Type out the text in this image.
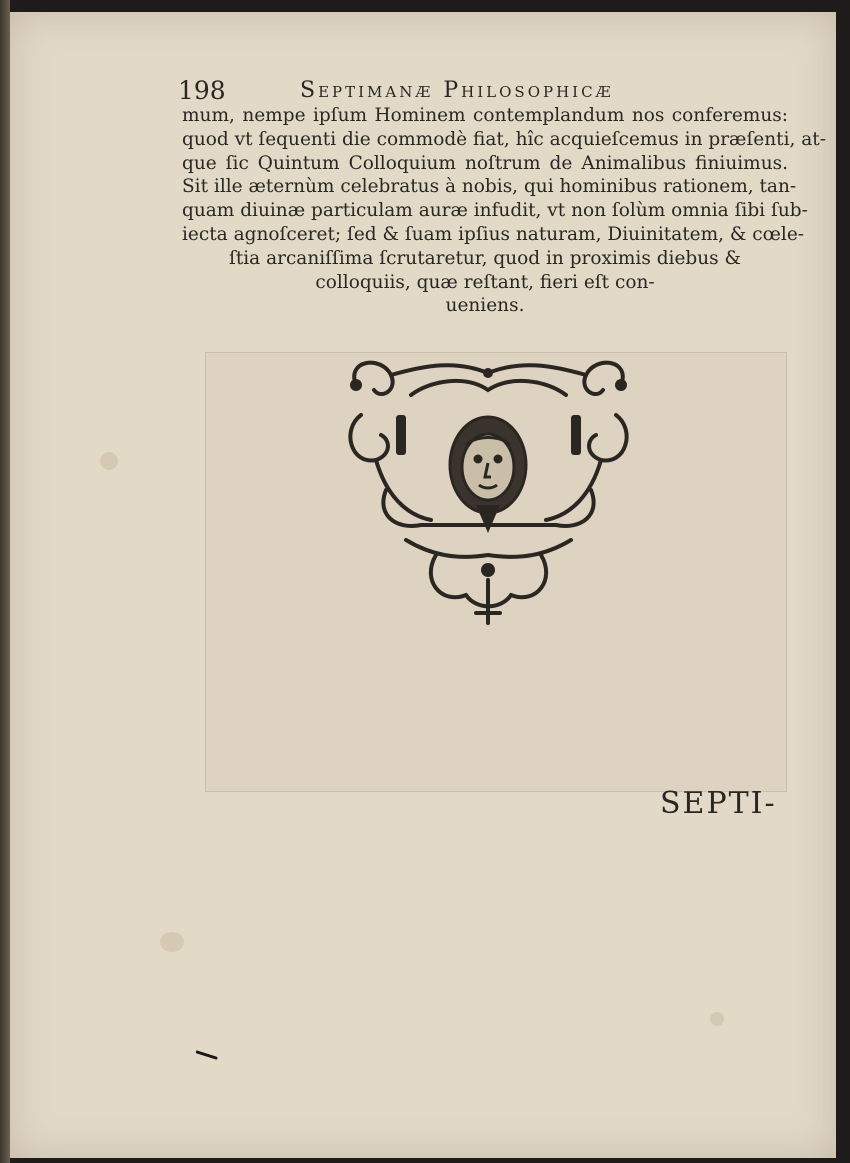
198	Septimanæ Philosophicæ
mum, nempe ipſum Hominem contemplandum nos conferemus:
quod vt ſequenti die commodè fiat, hîc acquieſcemus in præſenti, at-
que ſic Quintum Colloquium noſtrum de Animalibus finiuimus.
Sit ille æternùm celebratus à nobis, qui hominibus rationem, tan-
quam diuinæ particulam auræ infudit, vt non ſolùm omnia ſibi ſub-
iecta agnoſceret; ſed & ſuam ipſius naturam, Diuinitatem, & cœle-
ſtia arcaniſſima ſcrutaretur, quod in proximis diebus &
colloquiis, quæ reſtant, fieri eſt con-
ueniens.
SEPTI-
